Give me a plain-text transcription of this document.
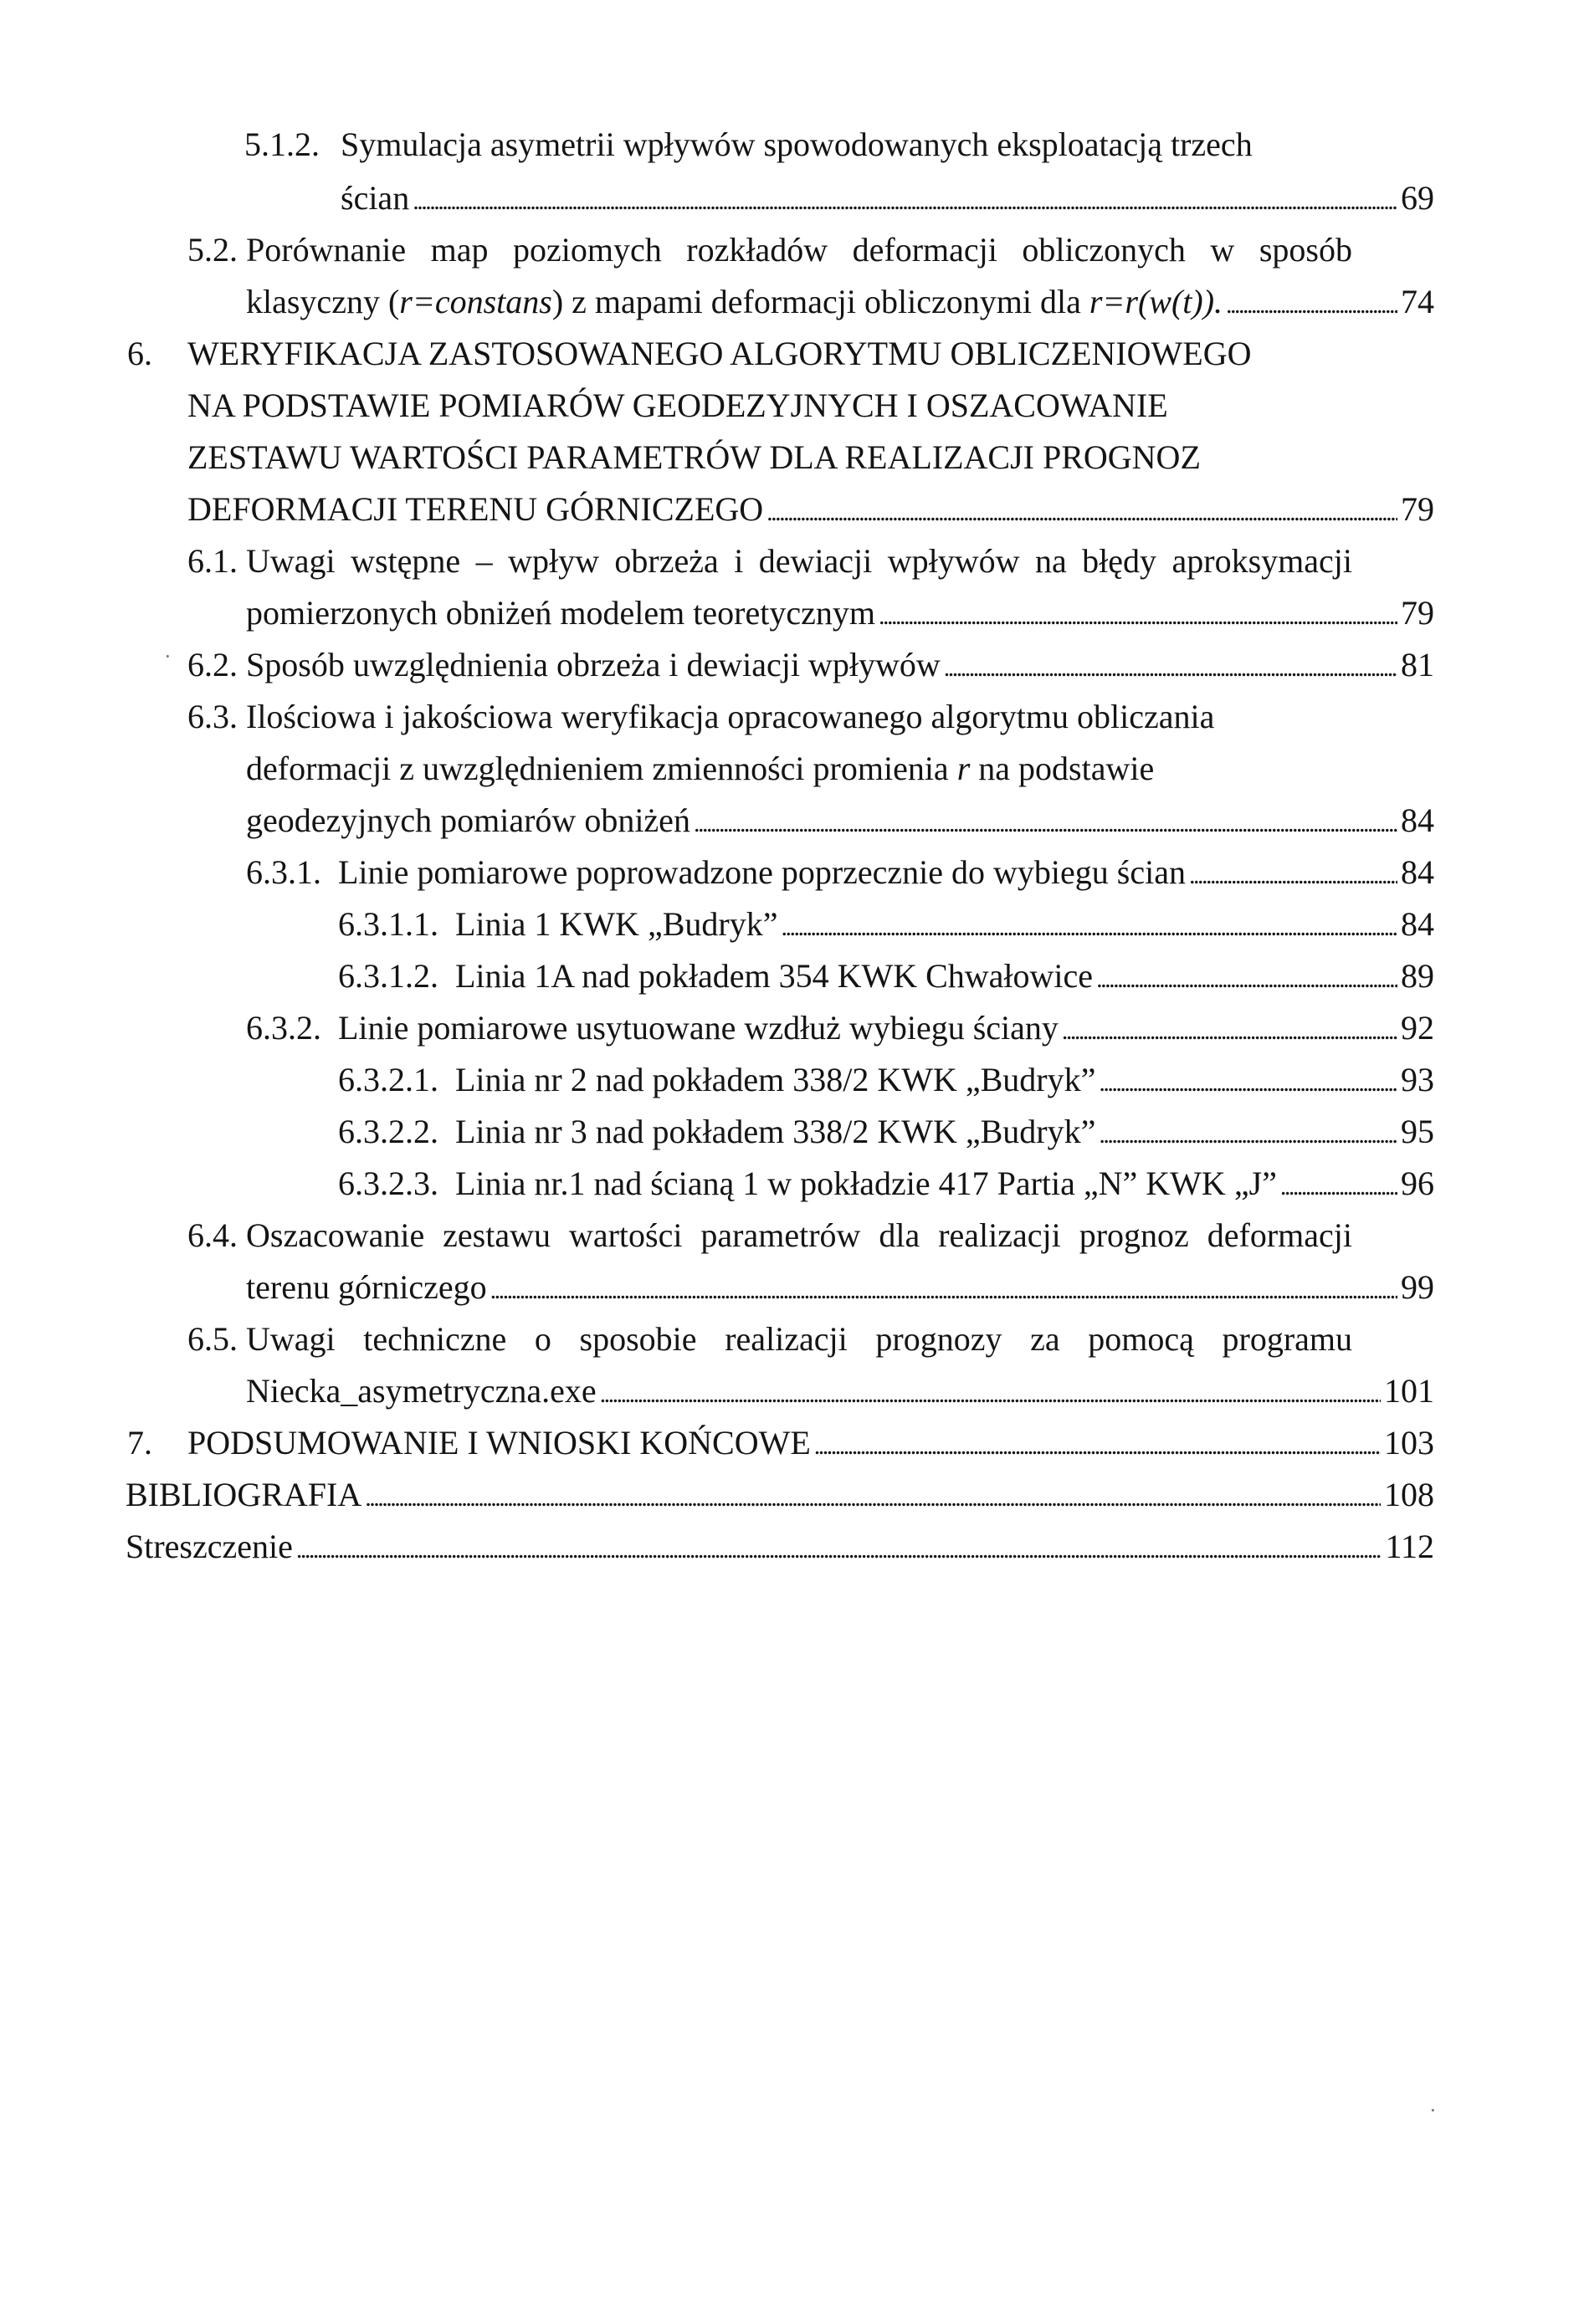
5.1.2. Symulacja asymetrii wpływów spowodowanych eksploatacją trzech
ścian . . .	69
5.2. Porównanie map poziomych rozkładów deformacji obliczonych w sposób
klasyczny (r=constans) z mapami deformacji obliczonymi dla r=r(w(t)). . . .	74
6. WERYFIKACJA ZASTOSOWANEGO ALGORYTMU OBLICZENIOWEGO
NA PODSTAWIE POMIARÓW GEODEZYJNYCH I OSZACOWANIE
ZESTAWU WARTOŚCI PARAMETRÓW DLA REALIZACJI PROGNOZ
DEFORMACJI TERENU GÓRNICZEGO . . .	79
6.1. Uwagi wstępne – wpływ obrzeża i dewiacji wpływów na błędy aproksymacji
pomierzonych obniżeń modelem teoretycznym . . .	79
6.2. Sposób uwzględnienia obrzeża i dewiacji wpływów . . .	81
6.3. Ilościowa i jakościowa weryfikacja opracowanego algorytmu obliczania
deformacji z uwzględnieniem zmienności promienia r na podstawie
geodezyjnych pomiarów obniżeń . . .	84
6.3.1. Linie pomiarowe poprowadzone poprzecznie do wybiegu ścian . . .	84
6.3.1.1. Linia 1 KWK „Budryk” . . .	84
6.3.1.2. Linia 1A nad pokładem 354 KWK Chwałowice . . .	89
6.3.2. Linie pomiarowe usytuowane wzdłuż wybiegu ściany . . .	92
6.3.2.1. Linia nr 2 nad pokładem 338/2 KWK „Budryk” . . .	93
6.3.2.2. Linia nr 3 nad pokładem 338/2 KWK „Budryk” . . .	95
6.3.2.3. Linia nr.1 nad ścianą 1 w pokładzie 417 Partia „N” KWK „J” . . .	96
6.4. Oszacowanie zestawu wartości parametrów dla realizacji prognoz deformacji
terenu górniczego . . .	99
6.5. Uwagi techniczne o sposobie realizacji prognozy za pomocą programu
Niecka_asymetryczna.exe . . .	101
7. PODSUMOWANIE I WNIOSKI KOŃCOWE . . .	103
BIBLIOGRAFIA . . .	108
Streszczenie . . .	112
·
·
